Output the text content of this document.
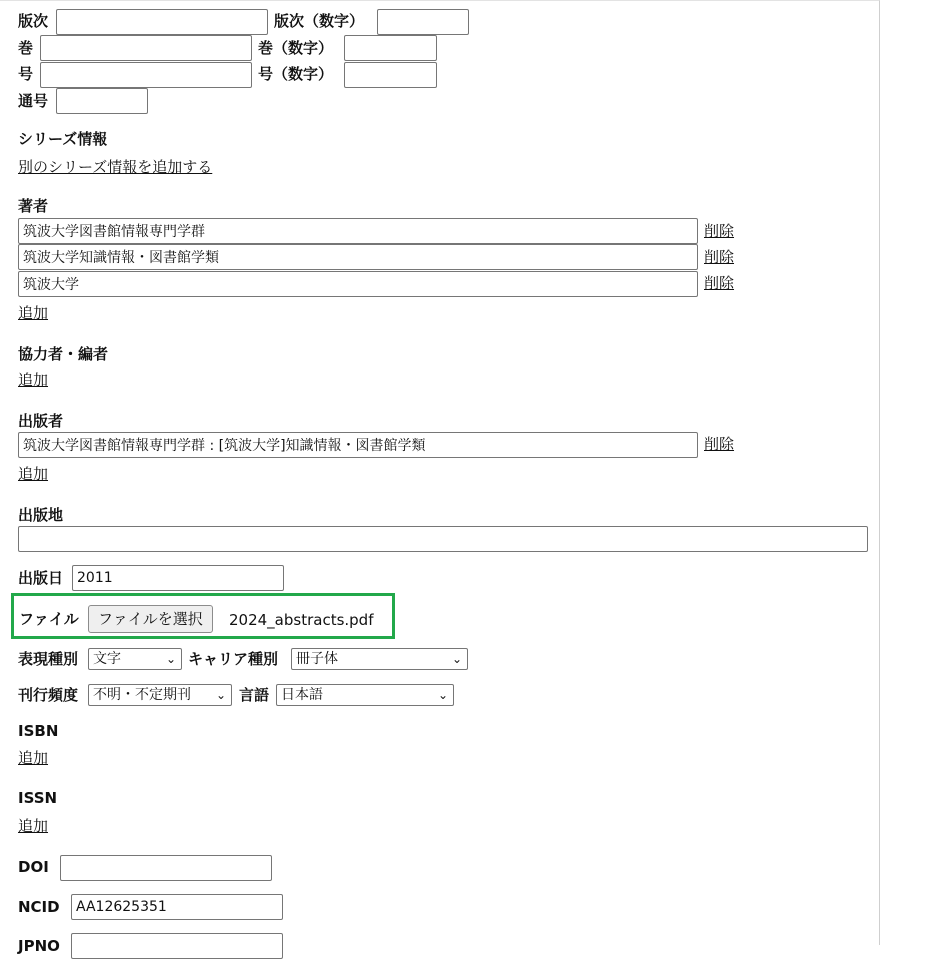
版次	版次（数字）
巻	巻（数字）
号	号（数字）
通号
シリーズ情報
別のシリーズ情報を追加する
著者
筑波大学図書館情報専門学群
削除
筑波大学知識情報・図書館学類
削除
筑波大学
削除
追加
協力者・編者
追加
出版者
筑波大学図書館情報専門学群 : [筑波大学]知識情報・図書館学類
削除
追加
出版地
出版日
2011
ファイル	ファイルを選択	2024_abstracts.pdf
表現種別	文字	⌄ キャリア種別	冊子体	⌄
刊行頻度	不明・不定期刊 ⌄ 言語 日本語	⌄
ISBN
追加
ISSN
追加
DOI
NCID
AA12625351
JPNO
